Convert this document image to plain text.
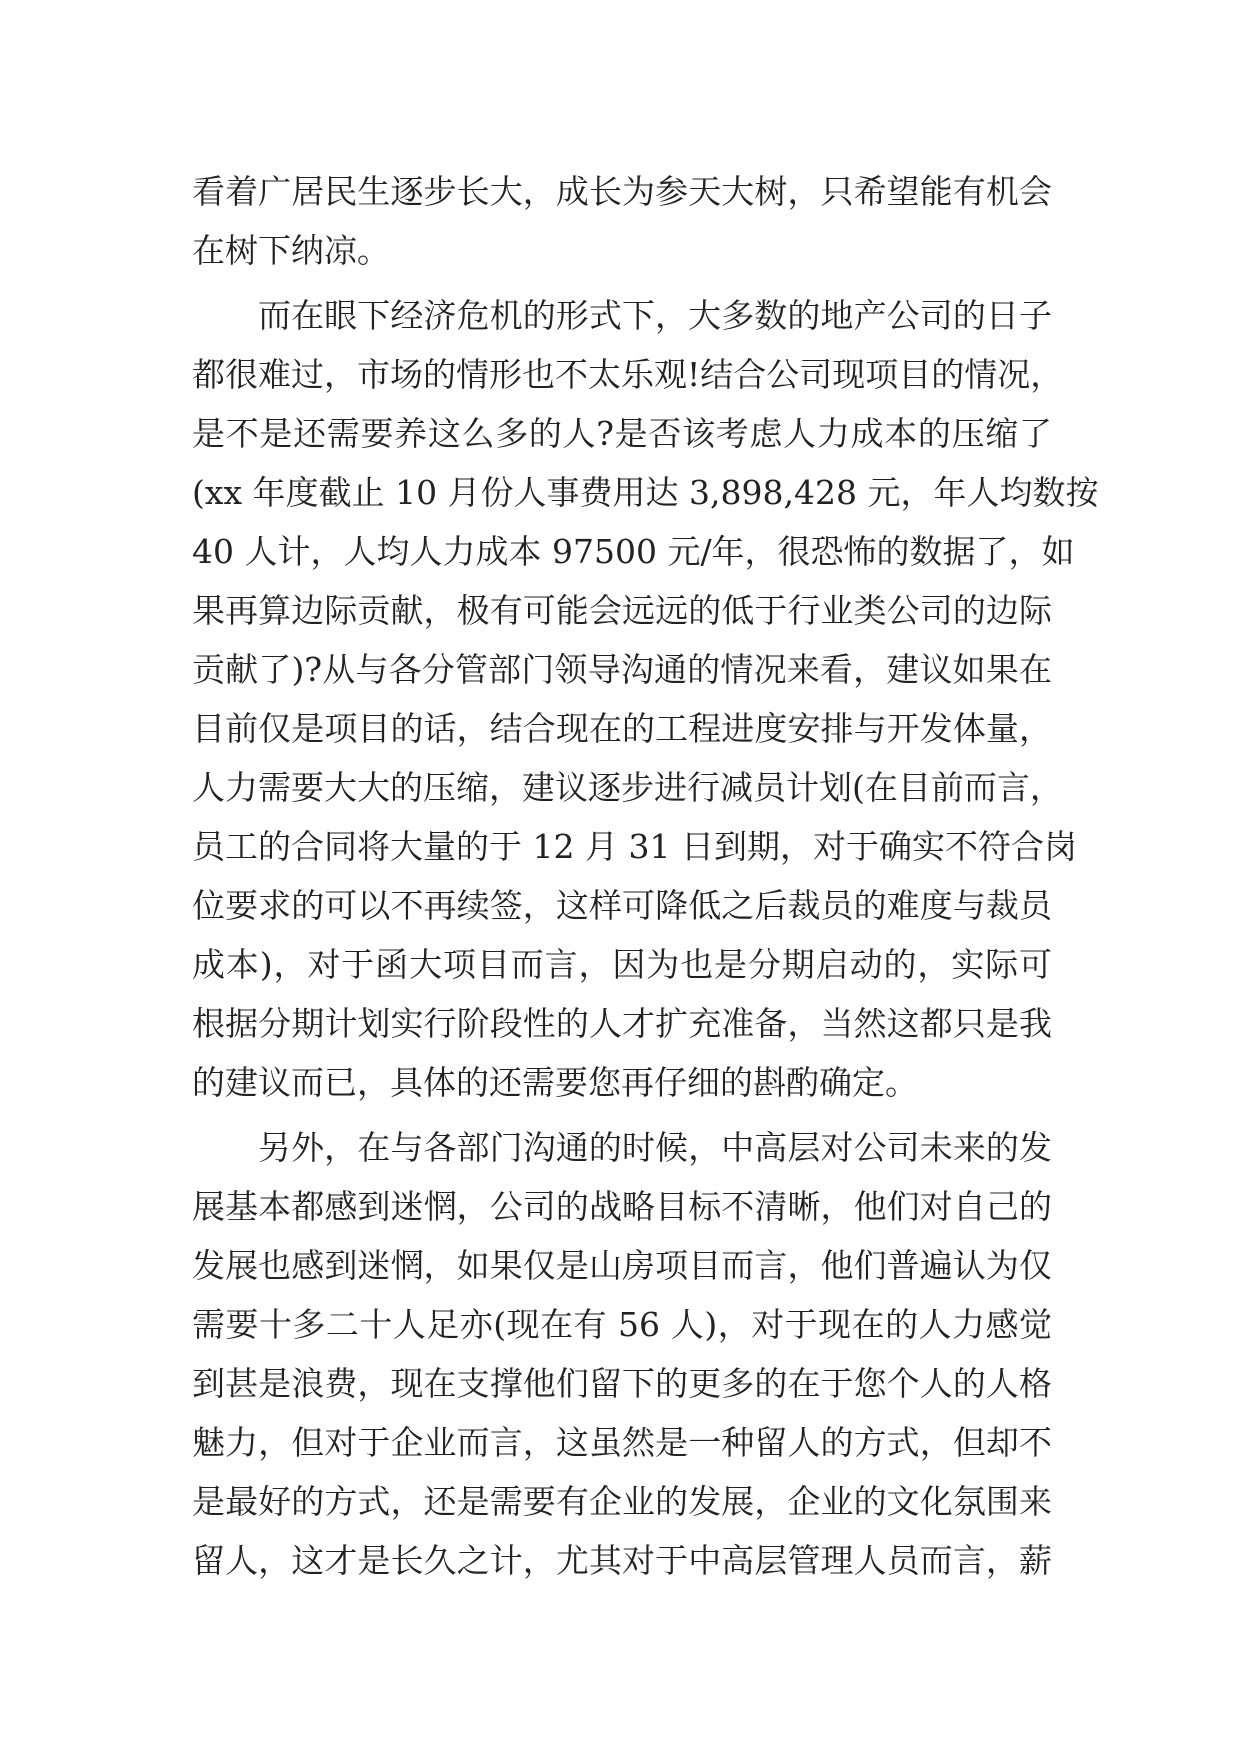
看着广居民生逐步长大，成长为参天大树，只希望能有机会
在树下纳凉。
而在眼下经济危机的形式下，大多数的地产公司的日子
都很难过，市场的情形也不太乐观!结合公司现项目的情况，
是不是还需要养这么多的人?是否该考虑人力成本的压缩了
(xx 年度截止 10 月份人事费用达 3,898,428 元，年人均数按
40 人计，人均人力成本 97500 元/年，很恐怖的数据了，如
果再算边际贡献，极有可能会远远的低于行业类公司的边际
贡献了)?从与各分管部门领导沟通的情况来看，建议如果在
目前仅是项目的话，结合现在的工程进度安排与开发体量，
人力需要大大的压缩，建议逐步进行减员计划(在目前而言，
员工的合同将大量的于 12 月 31 日到期，对于确实不符合岗
位要求的可以不再续签，这样可降低之后裁员的难度与裁员
成本)，对于函大项目而言，因为也是分期启动的，实际可
根据分期计划实行阶段性的人才扩充准备，当然这都只是我
的建议而已，具体的还需要您再仔细的斟酌确定。
另外，在与各部门沟通的时候，中高层对公司未来的发
展基本都感到迷惘，公司的战略目标不清晰，他们对自己的
发展也感到迷惘，如果仅是山房项目而言，他们普遍认为仅
需要十多二十人足亦(现在有 56 人)，对于现在的人力感觉
到甚是浪费，现在支撑他们留下的更多的在于您个人的人格
魅力，但对于企业而言，这虽然是一种留人的方式，但却不
是最好的方式，还是需要有企业的发展，企业的文化氛围来
留人，这才是长久之计，尤其对于中高层管理人员而言，薪
